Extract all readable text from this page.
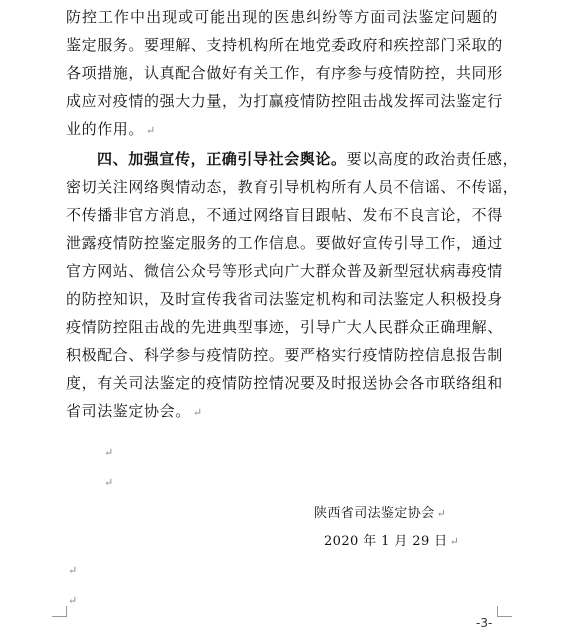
防控工作中出现或可能出现的医患纠纷等方面司法鉴定问题的
鉴定服务。要理解、支持机构所在地党委政府和疾控部门采取的
各项措施，认真配合做好有关工作，有序参与疫情防控，共同形
成应对疫情的强大力量，为打赢疫情防控阻击战发挥司法鉴定行
业的作用。 ↵
四、加强宣传，正确引导社会舆论。要以高度的政治责任感，
密切关注网络舆情动态，教育引导机构所有人员不信谣、不传谣，
不传播非官方消息，不通过网络盲目跟帖、发布不良言论，不得
泄露疫情防控鉴定服务的工作信息。要做好宣传引导工作，通过
官方网站、微信公众号等形式向广大群众普及新型冠状病毒疫情
的防控知识，及时宣传我省司法鉴定机构和司法鉴定人积极投身
疫情防控阻击战的先进典型事迹，引导广大人民群众正确理解、
积极配合、科学参与疫情防控。要严格实行疫情防控信息报告制
度，有关司法鉴定的疫情防控情况要及时报送协会各市联络组和
省司法鉴定协会。 ↵
↵
↵
陕西省司法鉴定协会 ↵
2020 年 1 月 29 日 ↵
↵
↵
-3-
